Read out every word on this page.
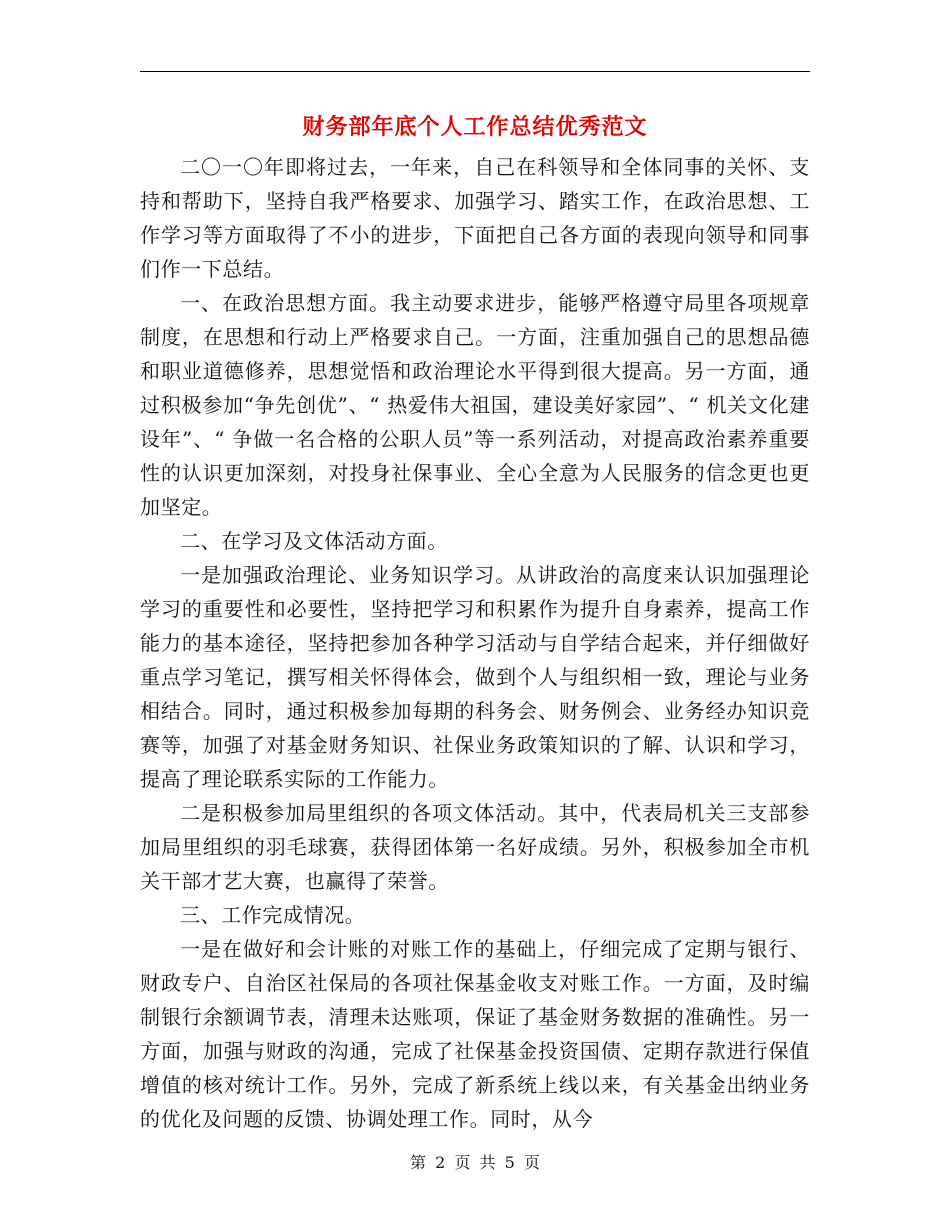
财务部年底个人工作总结优秀范文

二〇一〇年即将过去，一年来，自己在科领导和全体同事的关怀、支持和帮助下，坚持自我严格要求、加强学习、踏实工作，在政治思想、工作学习等方面取得了不小的进步，下面把自己各方面的表现向领导和同事们作一下总结。

一、在政治思想方面。我主动要求进步，能够严格遵守局里各项规章制度，在思想和行动上严格要求自己。一方面，注重加强自己的思想品德和职业道德修养，思想觉悟和政治理论水平得到很大提高。另一方面，通过积极参加“争先创优”、“ 热爱伟大祖国，建设美好家园”、“ 机关文化建设年”、“ 争做一名合格的公职人员”等一系列活动，对提高政治素养重要性的认识更加深刻，对投身社保事业、全心全意为人民服务的信念更也更加坚定。

二、在学习及文体活动方面。

一是加强政治理论、业务知识学习。从讲政治的高度来认识加强理论学习的重要性和必要性，坚持把学习和积累作为提升自身素养，提高工作能力的基本途径，坚持把参加各种学习活动与自学结合起来，并仔细做好重点学习笔记，撰写相关怀得体会，做到个人与组织相一致，理论与业务相结合。同时，通过积极参加每期的科务会、财务例会、业务经办知识竞赛等，加强了对基金财务知识、社保业务政策知识的了解、认识和学习，提高了理论联系实际的工作能力。

二是积极参加局里组织的各项文体活动。其中，代表局机关三支部参加局里组织的羽毛球赛，获得团体第一名好成绩。另外，积极参加全市机关干部才艺大赛，也赢得了荣誉。

三、工作完成情况。

一是在做好和会计账的对账工作的基础上，仔细完成了定期与银行、财政专户、自治区社保局的各项社保基金收支对账工作。一方面，及时编制银行余额调节表，清理未达账项，保证了基金财务数据的准确性。另一方面，加强与财政的沟通，完成了社保基金投资国债、定期存款进行保值增值的核对统计工作。另外，完成了新系统上线以来，有关基金出纳业务的优化及问题的反馈、协调处理工作。同时，从今

第 2 页 共 5 页
